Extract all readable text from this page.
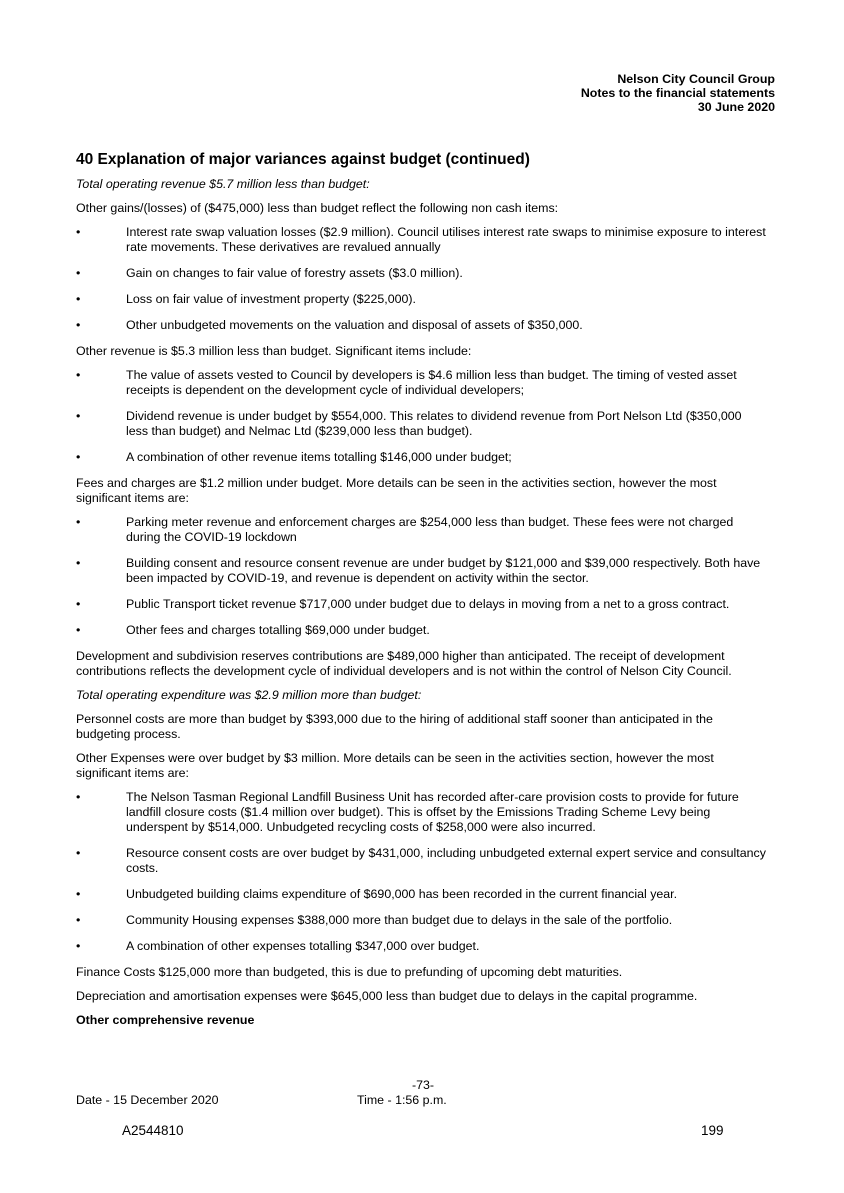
Nelson City Council Group
Notes to the financial statements
30 June 2020
40 Explanation of major variances against budget (continued)

Total operating revenue $5.7 million less than budget:

Other gains/(losses) of ($475,000) less than budget reflect the following non cash items:

•	Interest rate swap valuation losses ($2.9 million). Council utilises interest rate swaps to minimise exposure to interest rate movements. These derivatives are revalued annually
•	Gain on changes to fair value of forestry assets ($3.0 million).
•	Loss on fair value of investment property ($225,000).
•	Other unbudgeted movements on the valuation and disposal of assets of $350,000.

Other revenue is $5.3 million less than budget. Significant items include:

•	The value of assets vested to Council by developers is $4.6 million less than budget. The timing of vested asset receipts is dependent on the development cycle of individual developers;
•	Dividend revenue is under budget by $554,000. This relates to dividend revenue from Port Nelson Ltd ($350,000 less than budget) and Nelmac Ltd ($239,000 less than budget).
•	A combination of other revenue items totalling $146,000 under budget;

Fees and charges are $1.2 million under budget. More details can be seen in the activities section, however the most significant items are:

•	Parking meter revenue and enforcement charges are $254,000 less than budget. These fees were not charged during the COVID-19 lockdown
•	Building consent and resource consent revenue are under budget by $121,000 and $39,000 respectively. Both have been impacted by COVID-19, and revenue is dependent on activity within the sector.
•	Public Transport ticket revenue $717,000 under budget due to delays in moving from a net to a gross contract.
•	Other fees and charges totalling $69,000 under budget.

Development and subdivision reserves contributions are $489,000 higher than anticipated. The receipt of development contributions reflects the development cycle of individual developers and is not within the control of Nelson City Council.

Total operating expenditure was $2.9 million more than budget:

Personnel costs are more than budget by $393,000 due to the hiring of additional staff sooner than anticipated in the budgeting process.

Other Expenses were over budget by $3 million. More details can be seen in the activities section, however the most significant items are:

•	The Nelson Tasman Regional Landfill Business Unit has recorded after-care provision costs to provide for future landfill closure costs ($1.4 million over budget). This is offset by the Emissions Trading Scheme Levy being underspent by $514,000. Unbudgeted recycling costs of $258,000 were also incurred.
•	Resource consent costs are over budget by $431,000, including unbudgeted external expert service and consultancy costs.
•	Unbudgeted building claims expenditure of $690,000 has been recorded in the current financial year.
•	Community Housing expenses $388,000 more than budget due to delays in the sale of the portfolio.
•	A combination of other expenses totalling $347,000 over budget.

Finance Costs $125,000 more than budgeted, this is due to prefunding of upcoming debt maturities.

Depreciation and amortisation expenses were $645,000 less than budget due to delays in the capital programme.

Other comprehensive revenue

-73-
Date - 15 December 2020	Time - 1:56 p.m.
A2544810	199
